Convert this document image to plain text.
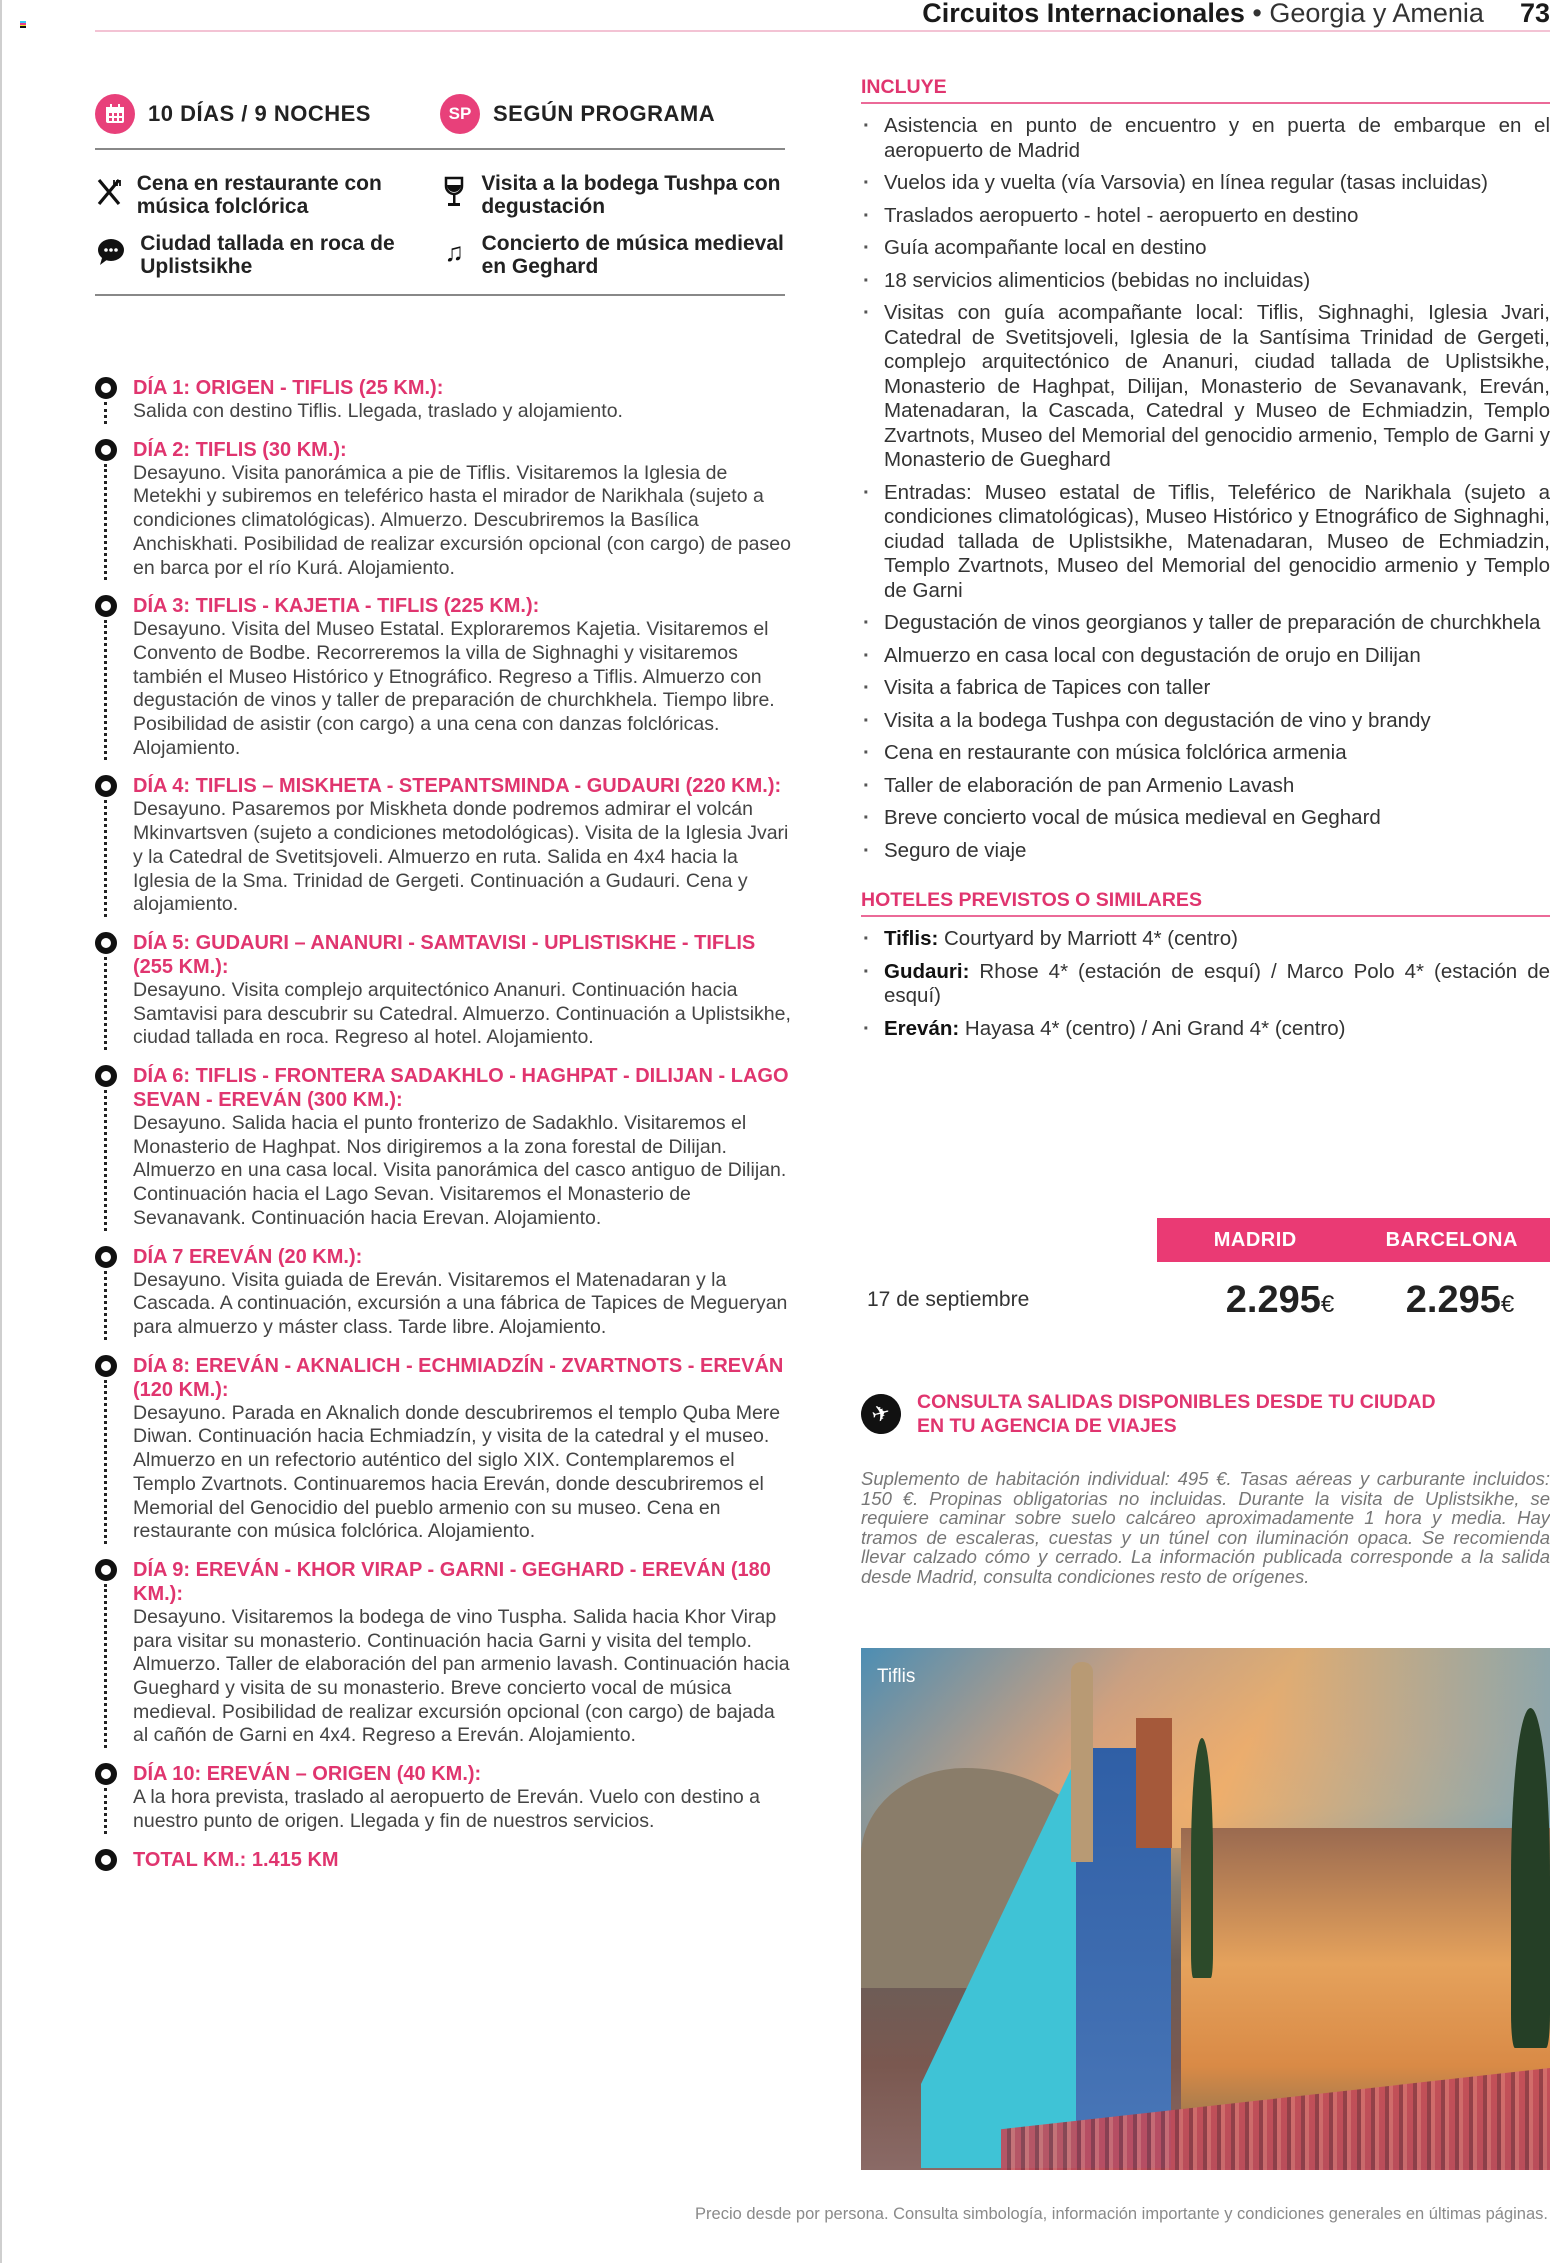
Circuitos Internacionales • Georgia y Amenia 73
10 DÍAS / 9 NOCHES	SP SEGÚN PROGRAMA
Cena en restaurante con música folclórica
Visita a la bodega Tushpa con degustación
Ciudad tallada en roca de Uplistsikhe	♫ Concierto de música medieval en Geghard
DÍA 1: ORIGEN - TIFLIS (25 KM.):
Salida con destino Tiflis. Llegada, traslado y alojamiento.
DÍA 2: TIFLIS (30 KM.):
Desayuno. Visita panorámica a pie de Tiflis. Visitaremos la Iglesia de Metekhi y subiremos en teleférico hasta el mirador de Narikhala (sujeto a condiciones climatológicas). Almuerzo. Descubriremos la Basílica Anchiskhati. Posibilidad de realizar excursión opcional (con cargo) de paseo en barca por el río Kurá. Alojamiento.
DÍA 3: TIFLIS - KAJETIA - TIFLIS (225 KM.):
Desayuno. Visita del Museo Estatal. Exploraremos Kajetia. Visitaremos el Convento de Bodbe. Recorreremos la villa de Sighnaghi y visitaremos también el Museo Histórico y Etnográfico. Regreso a Tiflis. Almuerzo con degustación de vinos y taller de preparación de churchkhela. Tiempo libre. Posibilidad de asistir (con cargo) a una cena con danzas folclóricas. Alojamiento.
DÍA 4: TIFLIS – MISKHETA - STEPANTSMINDA - GUDAURI (220 KM.):
Desayuno. Pasaremos por Miskheta donde podremos admirar el volcán Mkinvartsven (sujeto a condiciones metodológicas). Visita de la Iglesia Jvari y la Catedral de Svetitsjoveli. Almuerzo en ruta. Salida en 4x4 hacia la Iglesia de la Sma. Trinidad de Gergeti. Continuación a Gudauri. Cena y alojamiento.
DÍA 5: GUDAURI – ANANURI - SAMTAVISI - UPLISTISKHE - TIFLIS (255 KM.):
Desayuno. Visita complejo arquitectónico Ananuri. Continuación hacia Samtavisi para descubrir su Catedral. Almuerzo. Continuación a Uplistsikhe, ciudad tallada en roca. Regreso al hotel. Alojamiento.
DÍA 6: TIFLIS - FRONTERA SADAKHLO - HAGHPAT - DILIJAN - LAGO SEVAN - EREVÁN (300 KM.):
Desayuno. Salida hacia el punto fronterizo de Sadakhlo. Visitaremos el Monasterio de Haghpat. Nos dirigiremos a la zona forestal de Dilijan. Almuerzo en una casa local. Visita panorámica del casco antiguo de Dilijan. Continuación hacia el Lago Sevan. Visitaremos el Monasterio de Sevanavank. Continuación hacia Erevan. Alojamiento.
DÍA 7 EREVÁN (20 KM.):
Desayuno. Visita guiada de Ereván. Visitaremos el Matenadaran y la Cascada. A continuación, excursión a una fábrica de Tapices de Megueryan para almuerzo y máster class. Tarde libre. Alojamiento.
DÍA 8: EREVÁN - AKNALICH - ECHMIADZÍN - ZVARTNOTS - EREVÁN (120 KM.):
Desayuno. Parada en Aknalich donde descubriremos el templo Quba Mere Diwan. Continuación hacia Echmiadzín, y visita de la catedral y el museo. Almuerzo en un refectorio auténtico del siglo XIX. Contemplaremos el Templo Zvartnots. Continuaremos hacia Ereván, donde descubriremos el Memorial del Genocidio del pueblo armenio con su museo. Cena en restaurante con música folclórica. Alojamiento.
DÍA 9: EREVÁN - KHOR VIRAP - GARNI - GEGHARD - EREVÁN (180 KM.):
Desayuno. Visitaremos la bodega de vino Tuspha. Salida hacia Khor Virap para visitar su monasterio. Continuación hacia Garni y visita del templo. Almuerzo. Taller de elaboración del pan armenio lavash. Continuación hacia Gueghard y visita de su monasterio. Breve concierto vocal de música medieval. Posibilidad de realizar excursión opcional (con cargo) de bajada al cañón de Garni en 4x4. Regreso a Ereván. Alojamiento.
DÍA 10: EREVÁN – ORIGEN (40 KM.):
A la hora prevista, traslado al aeropuerto de Ereván. Vuelo con destino a nuestro punto de origen. Llegada y fin de nuestros servicios.
TOTAL KM.: 1.415 KM
INCLUYE
· Asistencia en punto de encuentro y en puerta de embarque en el aeropuerto de Madrid
· Vuelos ida y vuelta (vía Varsovia) en línea regular (tasas incluidas)
· Traslados aeropuerto - hotel - aeropuerto en destino
· Guía acompañante local en destino
· 18 servicios alimenticios (bebidas no incluidas)
· Visitas con guía acompañante local: Tiflis, Sighnaghi, Iglesia Jvari, Catedral de Svetitsjoveli, Iglesia de la Santísima Trinidad de Gergeti, complejo arquitectónico de Ananuri, ciudad tallada de Uplistsikhe, Monasterio de Haghpat, Dilijan, Monasterio de Sevanavank, Ereván, Matenadaran, la Cascada, Catedral y Museo de Echmiadzin, Templo Zvartnots, Museo del Memorial del genocidio armenio, Templo de Garni y Monasterio de Gueghard
· Entradas: Museo estatal de Tiflis, Teleférico de Narikhala (sujeto a condiciones climatológicas), Museo Histórico y Etnográfico de Sighnaghi, ciudad tallada de Uplistsikhe, Matenadaran, Museo de Echmiadzin, Templo Zvartnots, Museo del Memorial del genocidio armenio y Templo de Garni
· Degustación de vinos georgianos y taller de preparación de churchkhela
· Almuerzo en casa local con degustación de orujo en Dilijan
· Visita a fabrica de Tapices con taller
· Visita a la bodega Tushpa con degustación de vino y brandy
· Cena en restaurante con música folclórica armenia
· Taller de elaboración de pan Armenio Lavash
· Breve concierto vocal de música medieval en Geghard
· Seguro de viaje
HOTELES PREVISTOS O SIMILARES
· Tiflis: Courtyard by Marriott 4* (centro)
· Gudauri: Rhose 4* (estación de esquí) / Marco Polo 4* (estación de esquí)
· Ereván: Hayasa 4* (centro) / Ani Grand 4* (centro)
MADRID	BARCELONA
17 de septiembre	2.295€	2.295€
✈	CONSULTA SALIDAS DISPONIBLES DESDE TU CIUDAD
EN TU AGENCIA DE VIAJES
Suplemento de habitación individual: 495 €. Tasas aéreas y carburante incluidos: 150 €. Propinas obligatorias no incluidas. Durante la visita de Uplistsikhe, se requiere caminar sobre suelo calcáreo aproximadamente 1 hora y media. Hay tramos de escaleras, cuestas y un túnel con iluminación opaca. Se recomienda llevar calzado cómo y cerrado. La información publicada corresponde a la salida desde Madrid, consulta condiciones resto de orígenes.
Tiflis
Precio desde por persona. Consulta simbología, información importante y condiciones generales en últimas páginas.
